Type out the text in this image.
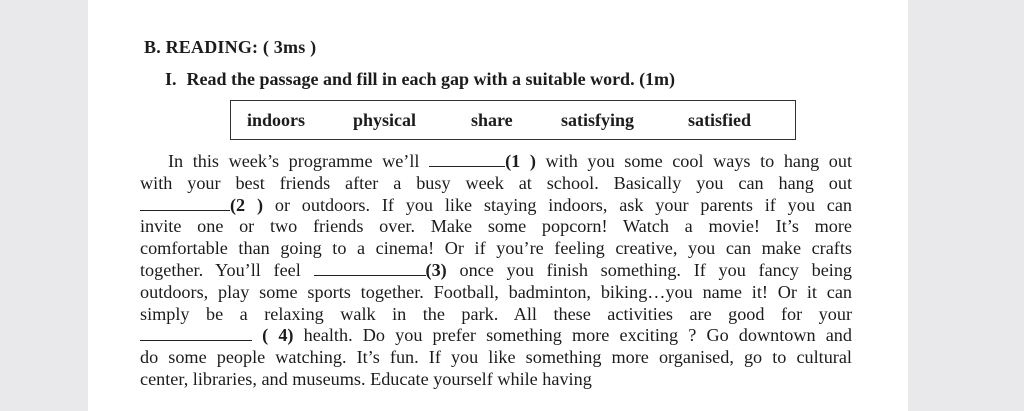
B. READING: ( 3ms )
I. Read the passage and fill in each gap with a suitable word. (1m)
indoors	physical	share	satisfying	satisfied
In this week’s programme we’ll	(1 ) with you some cool ways to hang out
with your best friends after a busy week at school. Basically you can hang out
(2 ) or outdoors. If you like staying indoors, ask your parents if you can
invite one or two friends over. Make some popcorn! Watch a movie! It’s more
comfortable than going to a cinema! Or if you’re feeling creative, you can make crafts
together. You’ll feel	(3) once you finish something. If you fancy being
outdoors, play some sports together. Football, badminton, biking…you name it! Or it can
simply be a relaxing walk in the park. All these activities are good for your
( 4) health. Do you prefer something more exciting ? Go downtown and
do some people watching. It’s fun. If you like something more organised, go to cultural
center, libraries, and museums. Educate yourself while having
